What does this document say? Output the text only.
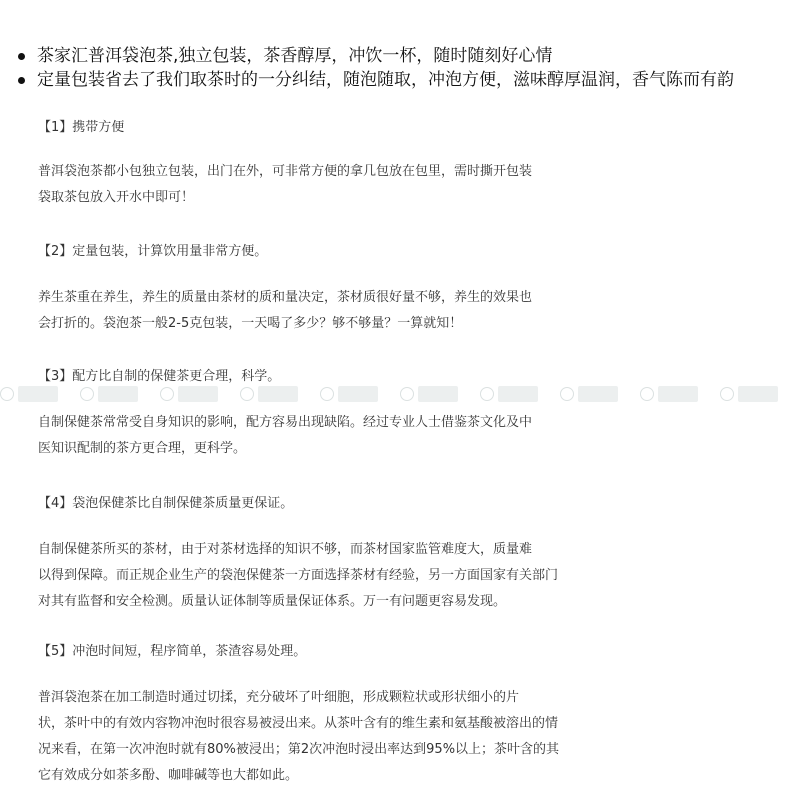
茶家汇普洱袋泡茶,独立包装，茶香醇厚，冲饮一杯，随时随刻好心情
定量包装省去了我们取茶时的一分纠结，随泡随取，冲泡方便，滋味醇厚温润，香气陈而有韵
【1】携带方便
普洱袋泡茶都小包独立包装，出门在外，可非常方便的拿几包放在包里，需时撕开包装
袋取茶包放入开水中即可！
【2】定量包装，计算饮用量非常方便。
养生茶重在养生，养生的质量由茶材的质和量决定，茶材质很好量不够，养生的效果也
会打折的。袋泡茶一般2-5克包装，一天喝了多少？够不够量？一算就知！
【3】配方比自制的保健茶更合理，科学。
自制保健茶常常受自身知识的影响，配方容易出现缺陷。经过专业人士借鉴茶文化及中
医知识配制的茶方更合理，更科学。
【4】袋泡保健茶比自制保健茶质量更保证。
自制保健茶所买的茶材，由于对茶材选择的知识不够，而茶材国家监管难度大，质量难
以得到保障。而正规企业生产的袋泡保健茶一方面选择茶材有经验，另一方面国家有关部门
对其有监督和安全检测。质量认证体制等质量保证体系。万一有问题更容易发现。
【5】冲泡时间短，程序简单，茶渣容易处理。
普洱袋泡茶在加工制造时通过切揉，充分破坏了叶细胞，形成颗粒状或形状细小的片
状，茶叶中的有效内容物冲泡时很容易被浸出来。从茶叶含有的维生素和氨基酸被溶出的情
况来看，在第一次冲泡时就有80%被浸出；第2次冲泡时浸出率达到95%以上；茶叶含的其
它有效成分如茶多酚、咖啡碱等也大都如此。
